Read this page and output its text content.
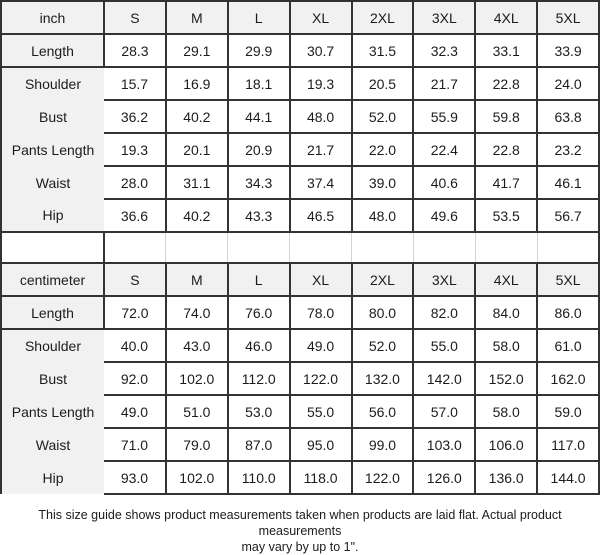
inch	S	M	L	XL	2XL	3XL	4XL	5XL
Length	28.3	29.1	29.9	30.7	31.5	32.3	33.1	33.9
Shoulder	15.7	16.9	18.1	19.3	20.5	21.7	22.8	24.0
Bust	36.2	40.2	44.1	48.0	52.0	55.9	59.8	63.8
Pants Length	19.3	20.1	20.9	21.7	22.0	22.4	22.8	23.2
Waist	28.0	31.1	34.3	37.4	39.0	40.6	41.7	46.1
Hip	36.6	40.2	43.3	46.5	48.0	49.6	53.5	56.7

centimeter	S	M	L	XL	2XL	3XL	4XL	5XL
Length	72.0	74.0	76.0	78.0	80.0	82.0	84.0	86.0
Shoulder	40.0	43.0	46.0	49.0	52.0	55.0	58.0	61.0
Bust	92.0	102.0	112.0	122.0	132.0	142.0	152.0	162.0
Pants Length	49.0	51.0	53.0	55.0	56.0	57.0	58.0	59.0
Waist	71.0	79.0	87.0	95.0	99.0	103.0	106.0	117.0
Hip	93.0	102.0	110.0	118.0	122.0	126.0	136.0	144.0
This size guide shows product measurements taken when products are laid flat. Actual product measurements
may vary by up to 1".
